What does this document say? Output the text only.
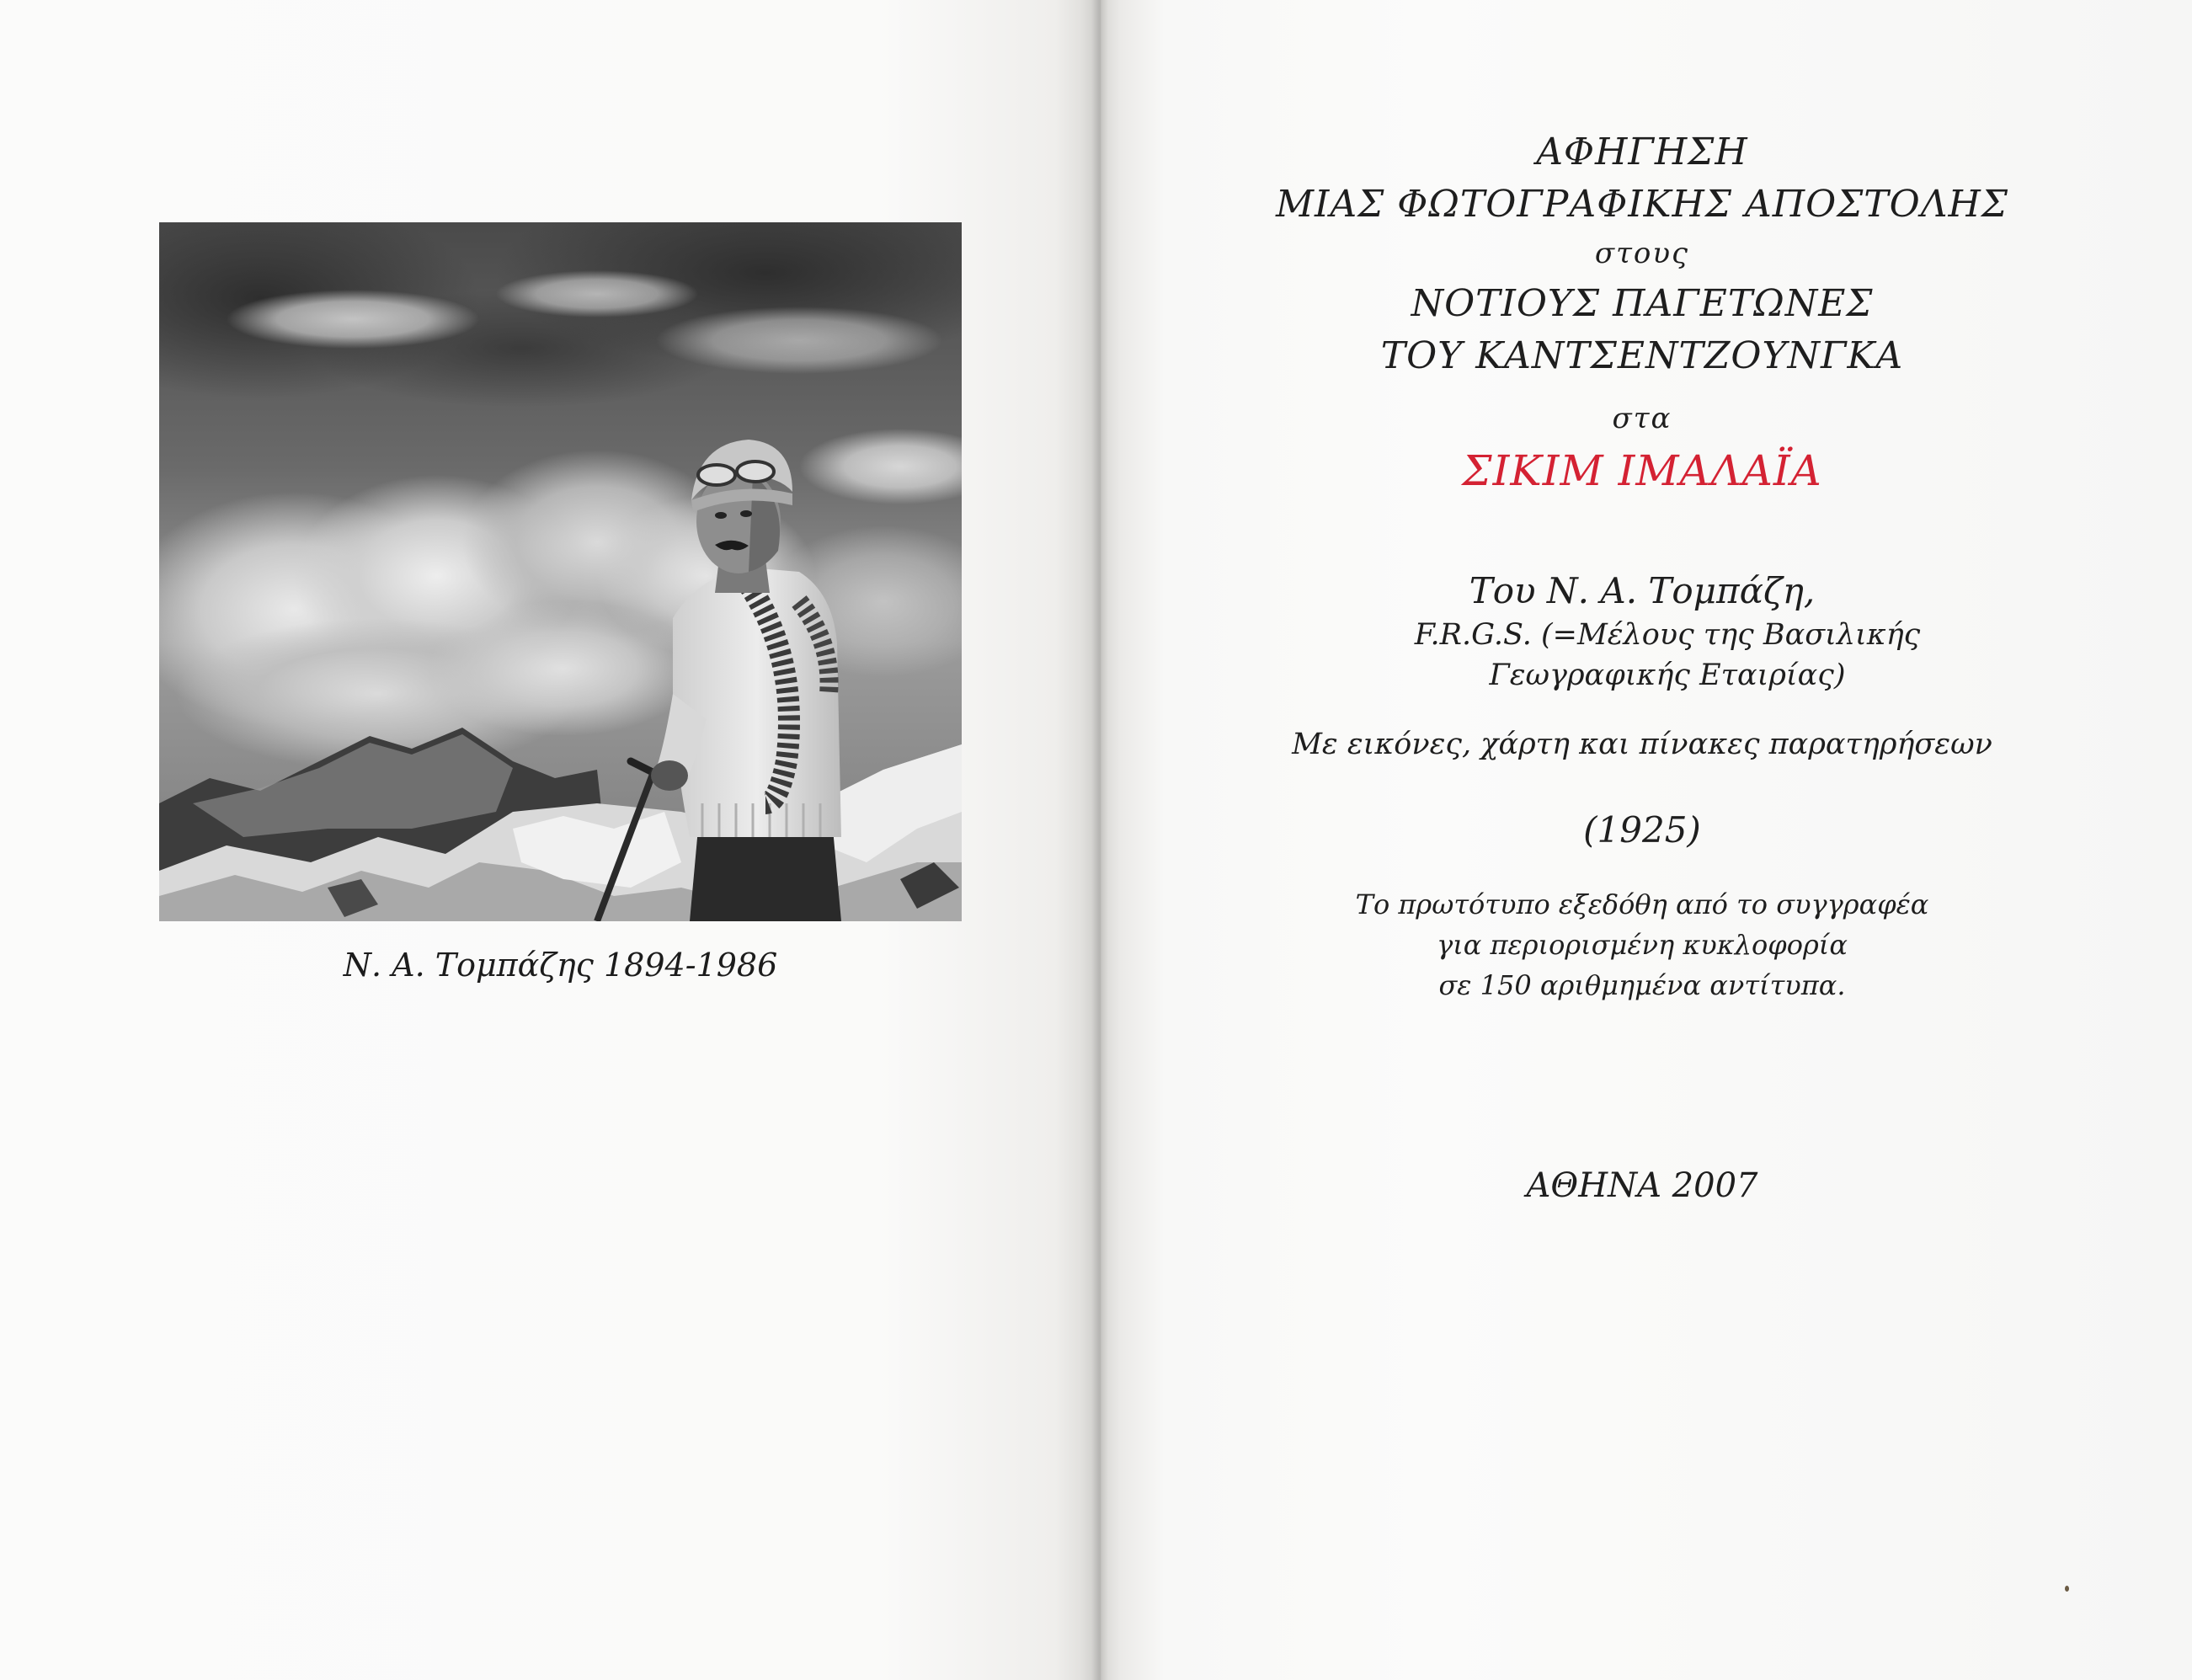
Ν. Α. Τομπάζης 1894-1986
ΑΦΗΓΗΣΗ
ΜΙΑΣ ΦΩΤΟΓΡΑΦΙΚΗΣ ΑΠΟΣΤΟΛΗΣ
στους
ΝΟΤΙΟΥΣ ΠΑΓΕΤΩΝΕΣ
ΤΟΥ ΚΑΝΤΣΕΝΤΖΟΥΝΓΚΑ
στα
ΣΙΚΙΜ ΙΜΑΛΑΪΑ
Του Ν. Α. Τομπάζη,
F.R.G.S. (=Μέλους της Βασιλικής
Γεωγραφικής Εταιρίας)
Με εικόνες, χάρτη και πίνακες παρατηρήσεων
(1925)
Το πρωτότυπο εξεδόθη από το συγγραφέα
για περιορισμένη κυκλοφορία
σε 150 αριθμημένα αντίτυπα.
ΑΘΗΝΑ 2007
